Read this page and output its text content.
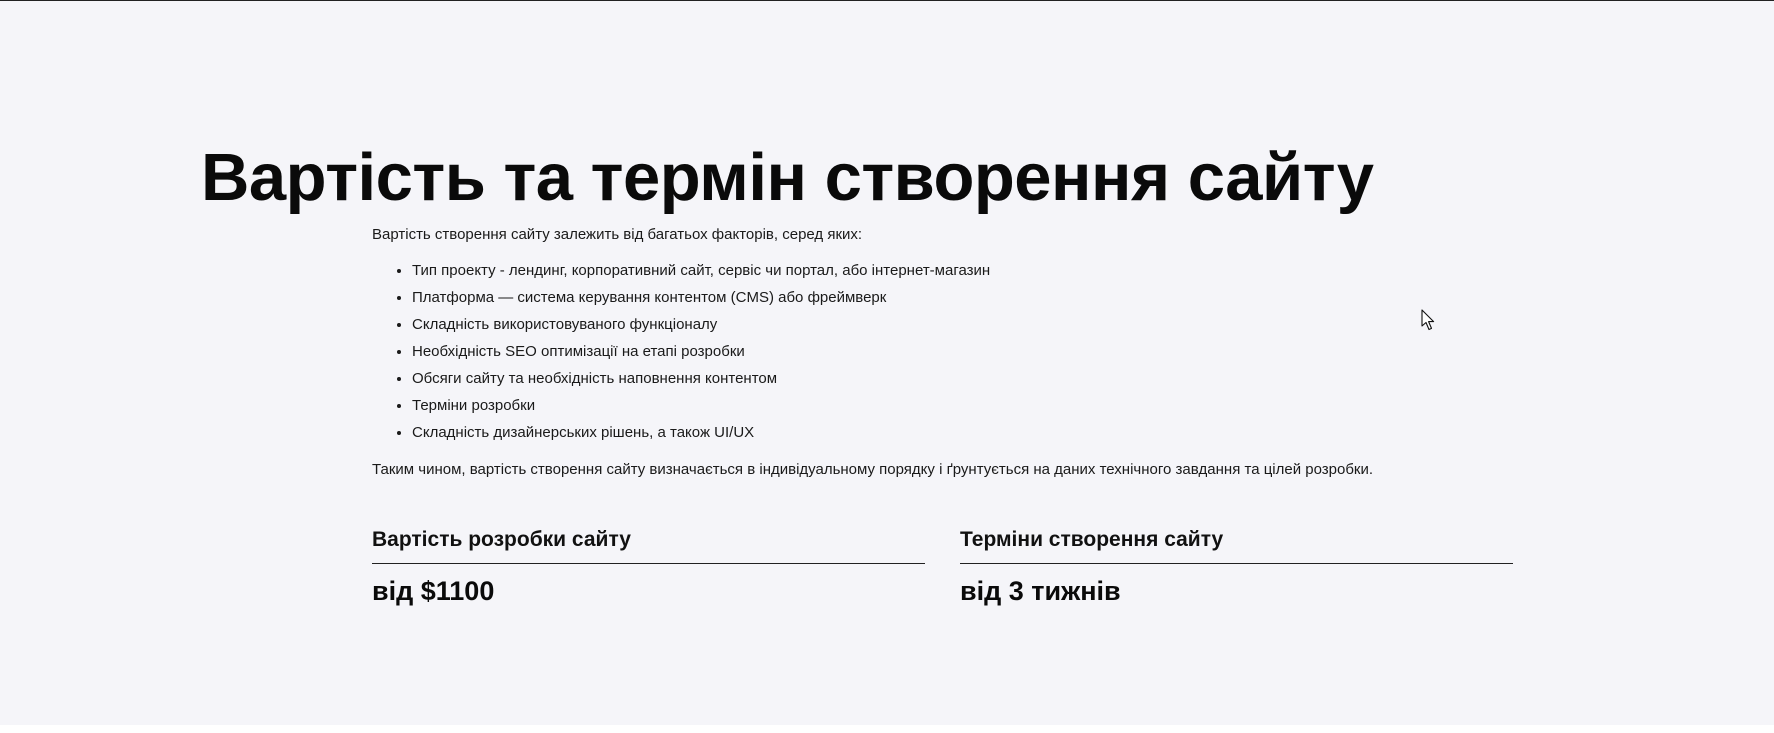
Вартість та термін створення сайту

Вартість створення сайту залежить від багатьох факторів, серед яких:

• Тип проекту - лендинг, корпоративний сайт, сервіс чи портал, або інтернет-магазин
• Платформа — система керування контентом (CMS) або фреймверк
• Складність використовуваного функціоналу
• Необхідність SEO оптимізації на етапі розробки
• Обсяги сайту та необхідність наповнення контентом
• Терміни розробки
• Складність дизайнерських рішень, а також UI/UX

Таким чином, вартість створення сайту визначається в індивідуальному порядку і ґрунтується на даних технічного завдання та цілей розробки.

Вартість розробки сайту
від $1100
Терміни створення сайту
від 3 тижнів
